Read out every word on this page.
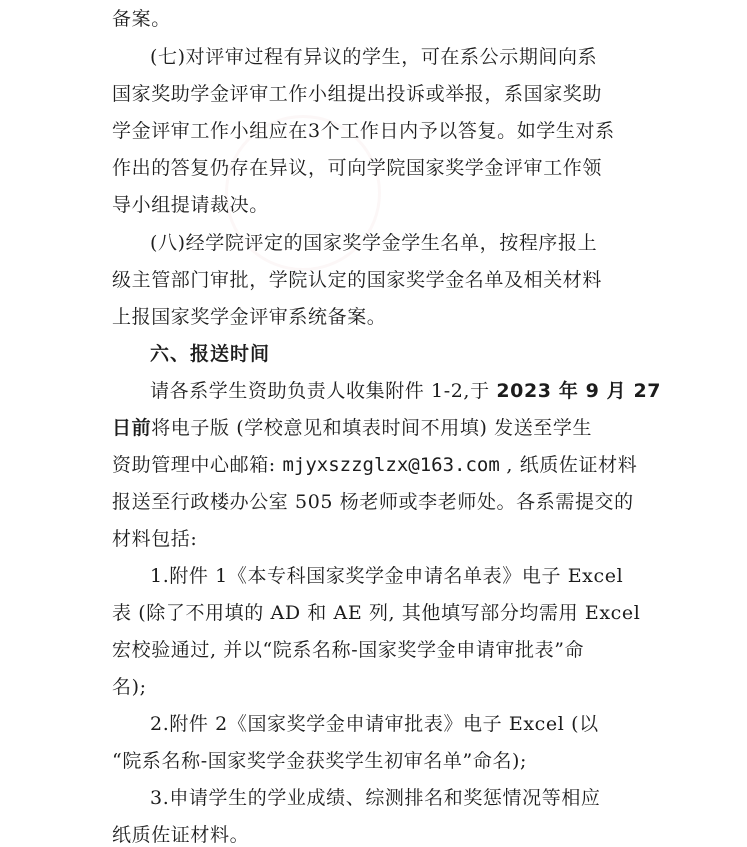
备案。
(七)对评审过程有异议的学生，可在系公示期间向系
国家奖助学金评审工作小组提出投诉或举报，系国家奖助
学金评审工作小组应在3个工作日内予以答复。如学生对系
作出的答复仍存在异议，可向学院国家奖学金评审工作领
导小组提请裁决。
(八)经学院评定的国家奖学金学生名单，按程序报上
级主管部门审批，学院认定的国家奖学金名单及相关材料
上报国家奖学金评审系统备案。
六、报送时间
请各系学生资助负责人收集附件 1-2,于 2023 年 9 月 27
日前将电子版 (学校意见和填表时间不用填) 发送至学生
资助管理中心邮箱: mjyxszzglzx@163.com , 纸质佐证材料
报送至行政楼办公室 505 杨老师或李老师处。各系需提交的
材料包括:
1.附件 1《本专科国家奖学金申请名单表》电子 Excel
表 (除了不用填的 AD 和 AE 列, 其他填写部分均需用 Excel
宏校验通过, 并以“院系名称-国家奖学金申请审批表”命
名);
2.附件 2《国家奖学金申请审批表》电子 Excel (以
“院系名称-国家奖学金获奖学生初审名单”命名);
3.申请学生的学业成绩、综测排名和奖惩情况等相应
纸质佐证材料。
